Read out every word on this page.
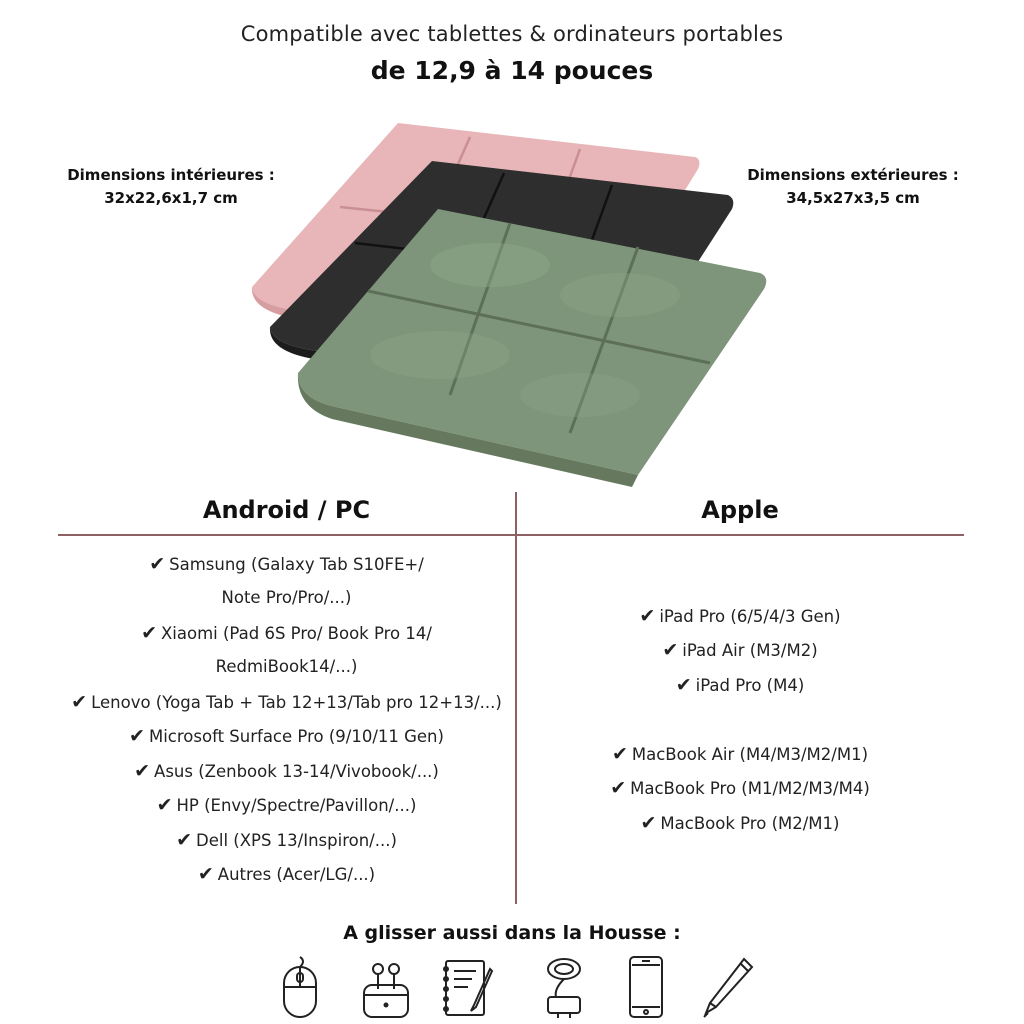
Compatible avec tablettes & ordinateurs portables
de 12,9 à 14 pouces
Dimensions intérieures :
32x22,6x1,7 cm
Dimensions extérieures :
34,5x27x3,5 cm
Android / PC	Apple
✔ Samsung (Galaxy Tab S10FE+/
Note Pro/Pro/...)
✔ Xiaomi (Pad 6S Pro/ Book Pro 14/
RedmiBook14/...)
✔ Lenovo (Yoga Tab + Tab 12+13/Tab pro 12+13/...)
✔ Microsoft Surface Pro (9/10/11 Gen)
✔ Asus (Zenbook 13-14/Vivobook/...)
✔ HP (Envy/Spectre/Pavillon/...)
✔ Dell (XPS 13/Inspiron/...)
✔ Autres (Acer/LG/...)
✔ iPad Pro (6/5/4/3 Gen)
✔ iPad Air (M3/M2)
✔ iPad Pro (M4)
✔ MacBook Air (M4/M3/M2/M1)
✔ MacBook Pro (M1/M2/M3/M4)
✔ MacBook Pro (M2/M1)
A glisser aussi dans la Housse :
